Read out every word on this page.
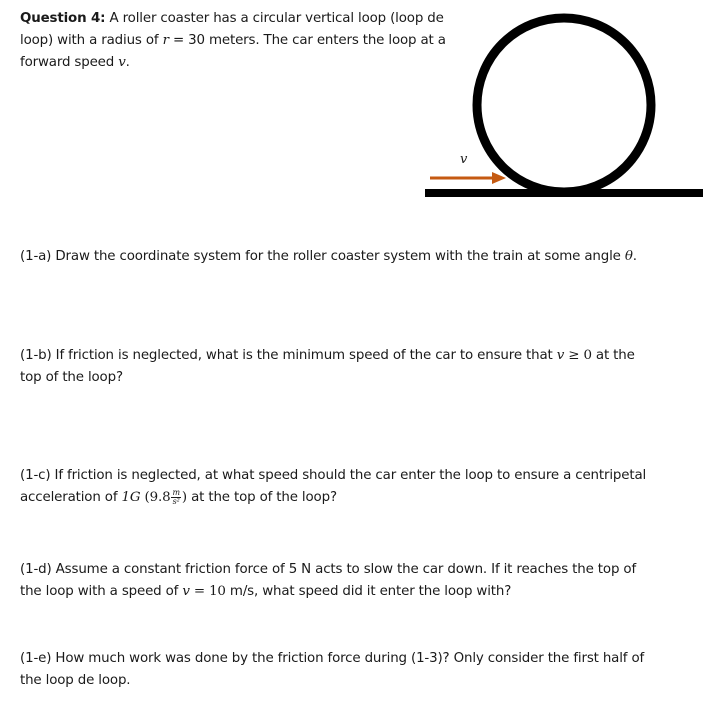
v
Question 4: A roller coaster has a circular vertical loop (loop de
loop) with a radius of r = 30 meters. The car enters the loop at a
forward speed v.
(1-a) Draw the coordinate system for the roller coaster system with the train at some angle θ.
(1-b) If friction is neglected, what is the minimum speed of the car to ensure that v ≥ 0 at the
top of the loop?
(1-c) If friction is neglected, at what speed should the car enter the loop to ensure a centripetal
acceleration of 1G ($9.8 \frac{m}{\text{s²}}$ ) at the top of the loop?
(1-d) Assume a constant friction force of 5 N acts to slow the car down. If it reaches the top of
the loop with a speed of v = 10 m/s, what speed did it enter the loop with?
(1-e) How much work was done by the friction force during (1-3)? Only consider the first half of
the loop de loop.
